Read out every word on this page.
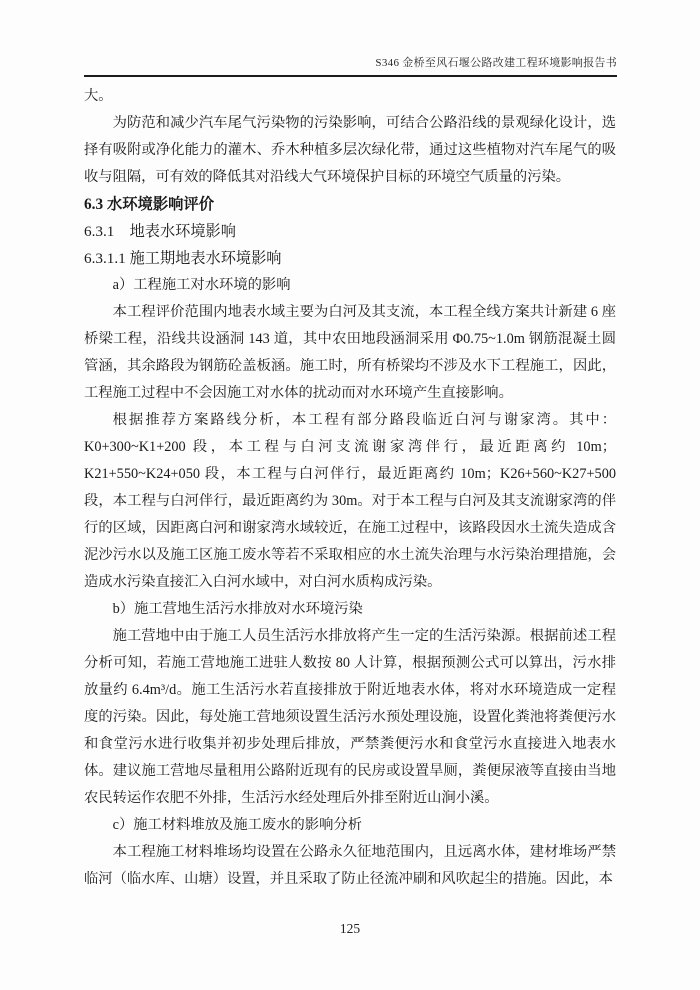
S346 金桥至风石堰公路改建工程环境影响报告书
大。
为防范和减少汽车尾气污染物的污染影响，可结合公路沿线的景观绿化设计，选择有吸附或净化能力的灌木、乔木种植多层次绿化带，通过这些植物对汽车尾气的吸收与阻隔，可有效的降低其对沿线大气环境保护目标的环境空气质量的污染。
6.3 水环境影响评价
6.3.1　地表水环境影响
6.3.1.1 施工期地表水环境影响
a）工程施工对水环境的影响
本工程评价范围内地表水域主要为白河及其支流，本工程全线方案共计新建 6 座桥梁工程，沿线共设涵洞 143 道，其中农田地段涵洞采用 Φ0.75~1.0m 钢筋混凝土圆管涵，其余路段为钢筋砼盖板涵。施工时，所有桥梁均不涉及水下工程施工，因此，工程施工过程中不会因施工对水体的扰动而对水环境产生直接影响。
根据推荐方案路线分析，本工程有部分路段临近白河与谢家湾。其中：K0+300~K1+200 段，本工程与白河支流谢家湾伴行，最近距离约 10m；K21+550~K24+050 段，本工程与白河伴行，最近距离约 10m；K26+560~K27+500 段，本工程与白河伴行，最近距离约为 30m。对于本工程与白河及其支流谢家湾的伴行的区域，因距离白河和谢家湾水域较近，在施工过程中，该路段因水土流失造成含泥沙污水以及施工区施工废水等若不采取相应的水土流失治理与水污染治理措施，会造成水污染直接汇入白河水域中，对白河水质构成污染。
b）施工营地生活污水排放对水环境污染
施工营地中由于施工人员生活污水排放将产生一定的生活污染源。根据前述工程分析可知，若施工营地施工进驻人数按 80 人计算，根据预测公式可以算出，污水排放量约 6.4m³/d。施工生活污水若直接排放于附近地表水体，将对水环境造成一定程度的污染。因此，每处施工营地须设置生活污水预处理设施，设置化粪池将粪便污水和食堂污水进行收集并初步处理后排放，严禁粪便污水和食堂污水直接进入地表水体。建议施工营地尽量租用公路附近现有的民房或设置旱厕，粪便尿液等直接由当地农民转运作农肥不外排，生活污水经处理后外排至附近山涧小溪。
c）施工材料堆放及施工废水的影响分析
本工程施工材料堆场均设置在公路永久征地范围内，且远离水体，建材堆场严禁临河（临水库、山塘）设置，并且采取了防止径流冲刷和风吹起尘的措施。因此，本
125
